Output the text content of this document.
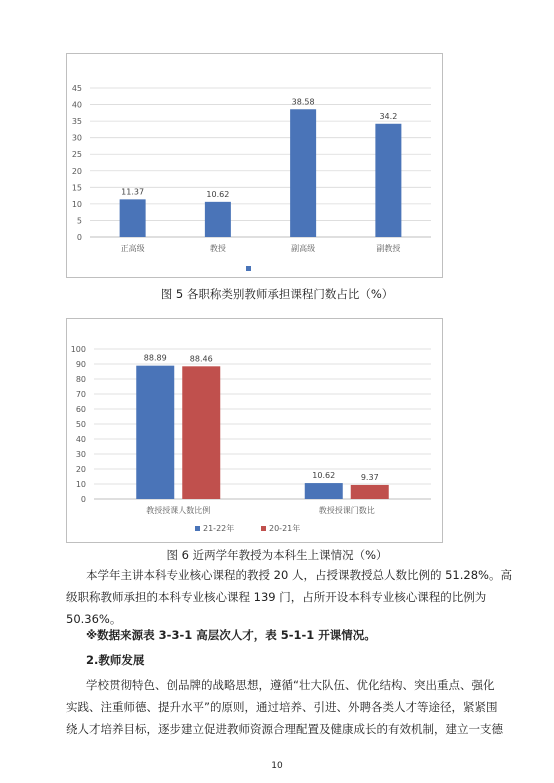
0
5
10
15
20
25
30
35
40
45
11.37
正高级
10.62
教授
38.58
副高级
34.2
副教授
图 5 各职称类别教师承担课程门数占比（%）
0
10
20
30
40
50
60
70
80
90
100
88.89	88.46
教授授课人数比例
10.62	9.37
教授授课门数比
21-22年	20-21年
图 6 近两学年教授为本科生上课情况（%）
本学年主讲本科专业核心课程的教授 20 人，占授课教授总人数比例的 51.28%。高
级职称教师承担的本科专业核心课程 139 门，占所开设本科专业核心课程的比例为
50.36%。
※数据来源表 3-3-1 高层次人才，表 5-1-1 开课情况。
2.教师发展
学校贯彻特色、创品牌的战略思想，遵循“壮大队伍、优化结构、突出重点、强化
实践、注重师德、提升水平”的原则，通过培养、引进、外聘各类人才等途径，紧紧围
绕人才培养目标，逐步建立促进教师资源合理配置及健康成长的有效机制，建立一支德
10
